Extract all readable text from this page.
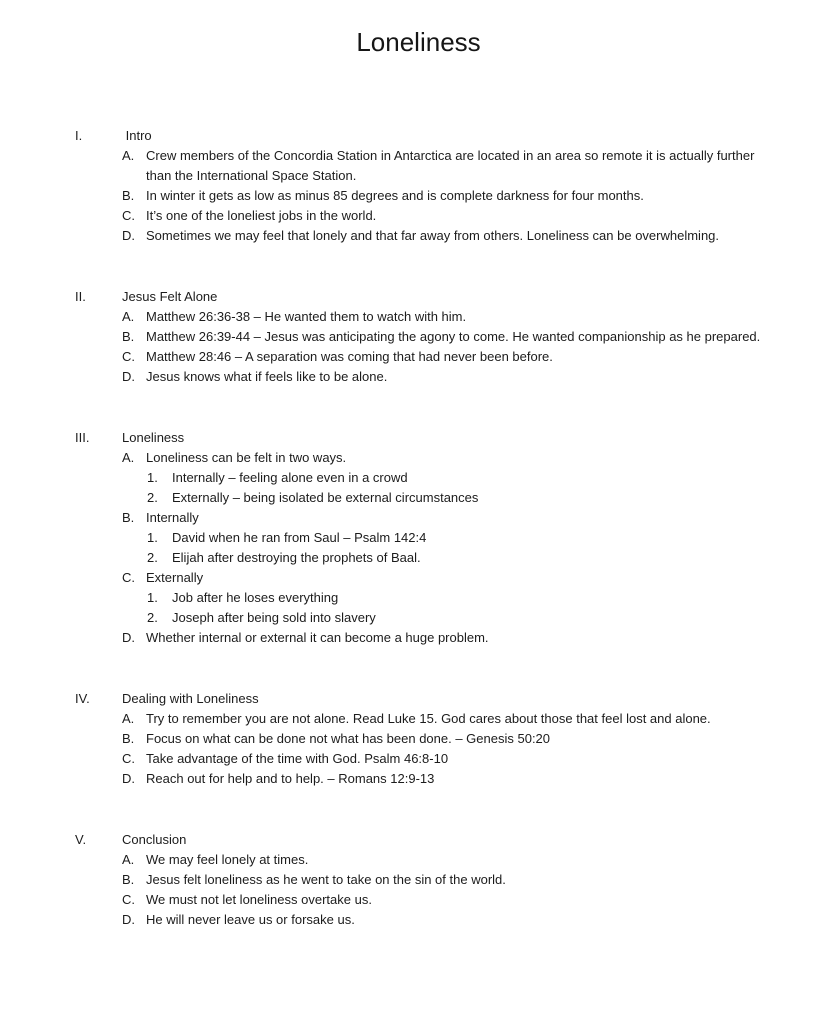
Loneliness
I.	Intro
A. Crew members of the Concordia Station in Antarctica are located in an area so remote it is actually further than the International Space Station.
B. In winter it gets as low as minus 85 degrees and is complete darkness for four months.
C. It’s one of the loneliest jobs in the world.
D. Sometimes we may feel that lonely and that far away from others. Loneliness can be overwhelming.
II.	Jesus Felt Alone
A. Matthew 26:36-38 – He wanted them to watch with him.
B. Matthew 26:39-44 – Jesus was anticipating the agony to come. He wanted companionship as he prepared.
C. Matthew 28:46 – A separation was coming that had never been before.
D. Jesus knows what if feels like to be alone.
III.	Loneliness
A. Loneliness can be felt in two ways.
1.	Internally – feeling alone even in a crowd
2.	Externally – being isolated be external circumstances
B. Internally
1.	David when he ran from Saul – Psalm 142:4
2.	Elijah after destroying the prophets of Baal.
C. Externally
1.	Job after he loses everything
2.	Joseph after being sold into slavery
D. Whether internal or external it can become a huge problem.
IV.	Dealing with Loneliness
A. Try to remember you are not alone. Read Luke 15. God cares about those that feel lost and alone.
B. Focus on what can be done not what has been done. – Genesis 50:20
C. Take advantage of the time with God. Psalm 46:8-10
D. Reach out for help and to help. – Romans 12:9-13
V.	Conclusion
A. We may feel lonely at times.
B. Jesus felt loneliness as he went to take on the sin of the world.
C. We must not let loneliness overtake us.
D. He will never leave us or forsake us.
